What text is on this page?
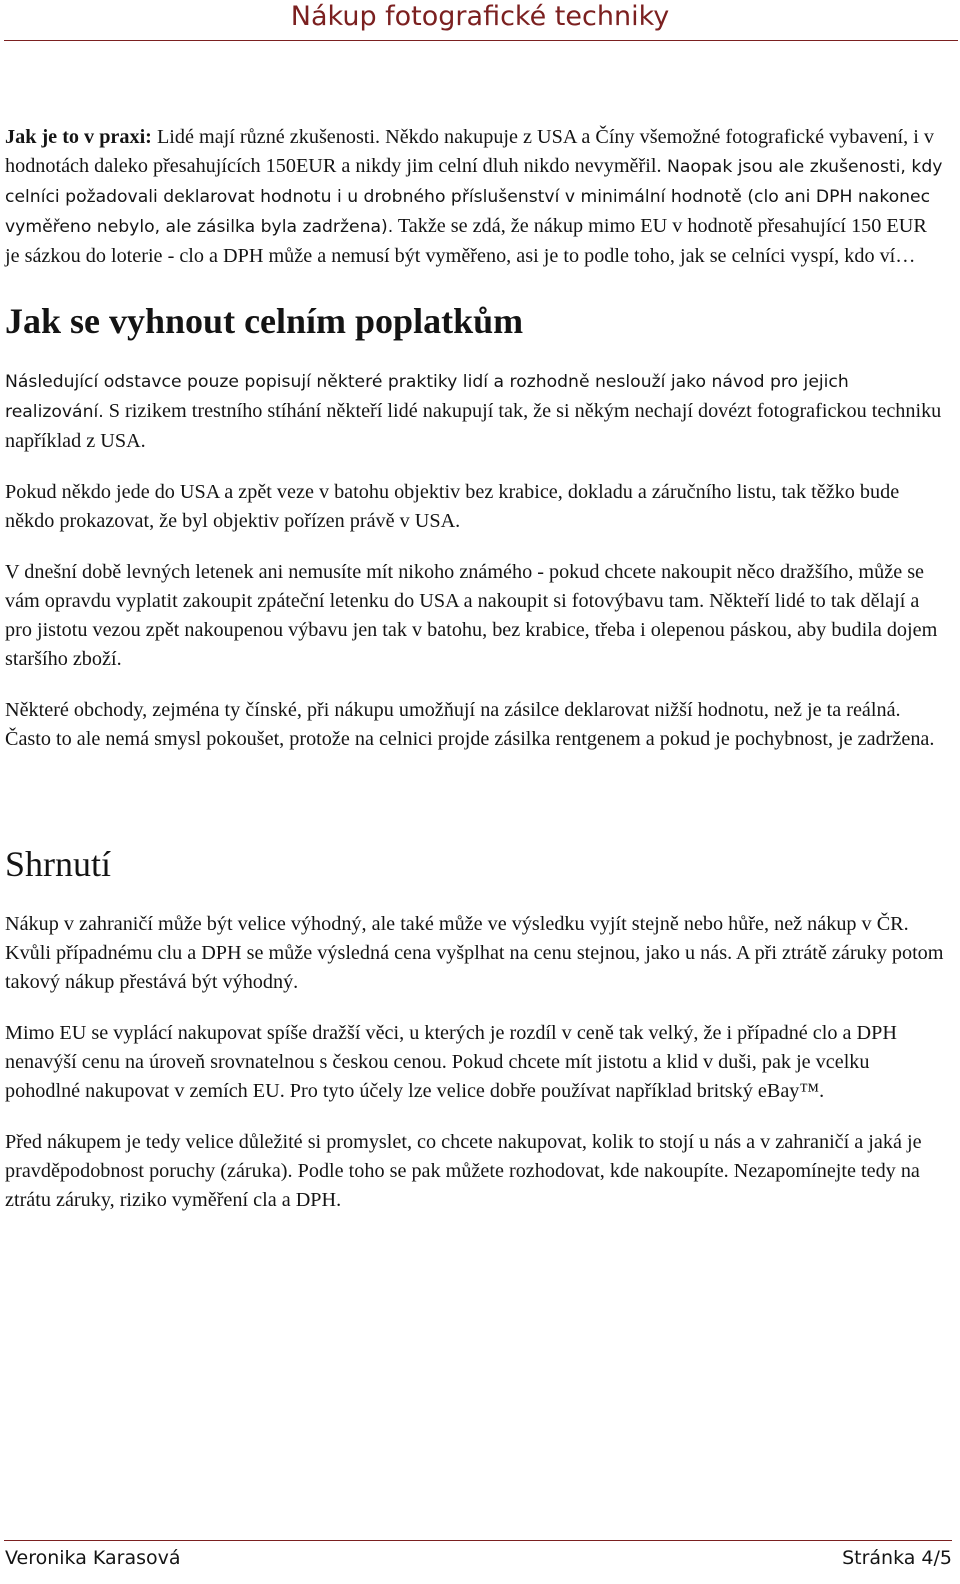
Nákup fotografické techniky

Jak je to v praxi: Lidé mají různé zkušenosti. Někdo nakupuje z USA a Číny všemožné fotografické vybavení, i v hodnotách daleko přesahujících 150EUR a nikdy jim celní dluh nikdo nevyměřil. Naopak jsou ale zkušenosti, kdy celníci požadovali deklarovat hodnotu i u drobného příslušenství v minimální hodnotě (clo ani DPH nakonec vyměřeno nebylo, ale zásilka byla zadržena). Takže se zdá, že nákup mimo EU v hodnotě přesahující 150 EUR je sázkou do loterie - clo a DPH může a nemusí být vyměřeno, asi je to podle toho, jak se celníci vyspí, kdo ví…

Jak se vyhnout celním poplatkům

Následující odstavce pouze popisují některé praktiky lidí a rozhodně neslouží jako návod pro jejich realizování. S rizikem trestního stíhání někteří lidé nakupují tak, že si někým nechají dovézt fotografickou techniku například z USA.

Pokud někdo jede do USA a zpět veze v batohu objektiv bez krabice, dokladu a záručního listu, tak těžko bude někdo prokazovat, že byl objektiv pořízen právě v USA.

V dnešní době levných letenek ani nemusíte mít nikoho známého - pokud chcete nakoupit něco dražšího, může se vám opravdu vyplatit zakoupit zpáteční letenku do USA a nakoupit si fotovýbavu tam. Někteří lidé to tak dělají a pro jistotu vezou zpět nakoupenou výbavu jen tak v batohu, bez krabice, třeba i olepenou páskou, aby budila dojem staršího zboží.

Některé obchody, zejména ty čínské, při nákupu umožňují na zásilce deklarovat nižší hodnotu, než je ta reálná. Často to ale nemá smysl pokoušet, protože na celnici projde zásilka rentgenem a pokud je pochybnost, je zadržena.

Shrnutí

Nákup v zahraničí může být velice výhodný, ale také může ve výsledku vyjít stejně nebo hůře, než nákup v ČR. Kvůli případnému clu a DPH se může výsledná cena vyšplhat na cenu stejnou, jako u nás. A při ztrátě záruky potom takový nákup přestává být výhodný.

Mimo EU se vyplácí nakupovat spíše dražší věci, u kterých je rozdíl v ceně tak velký, že i případné clo a DPH nenavýší cenu na úroveň srovnatelnou s českou cenou. Pokud chcete mít jistotu a klid v duši, pak je vcelku pohodlné nakupovat v zemích EU. Pro tyto účely lze velice dobře používat například britský eBay™.

Před nákupem je tedy velice důležité si promyslet, co chcete nakupovat, kolik to stojí u nás a v zahraničí a jaká je pravděpodobnost poruchy (záruka). Podle toho se pak můžete rozhodovat, kde nakoupíte. Nezapomínejte tedy na ztrátu záruky, riziko vyměření cla a DPH.

Veronika Karasová	Stránka 4/5
